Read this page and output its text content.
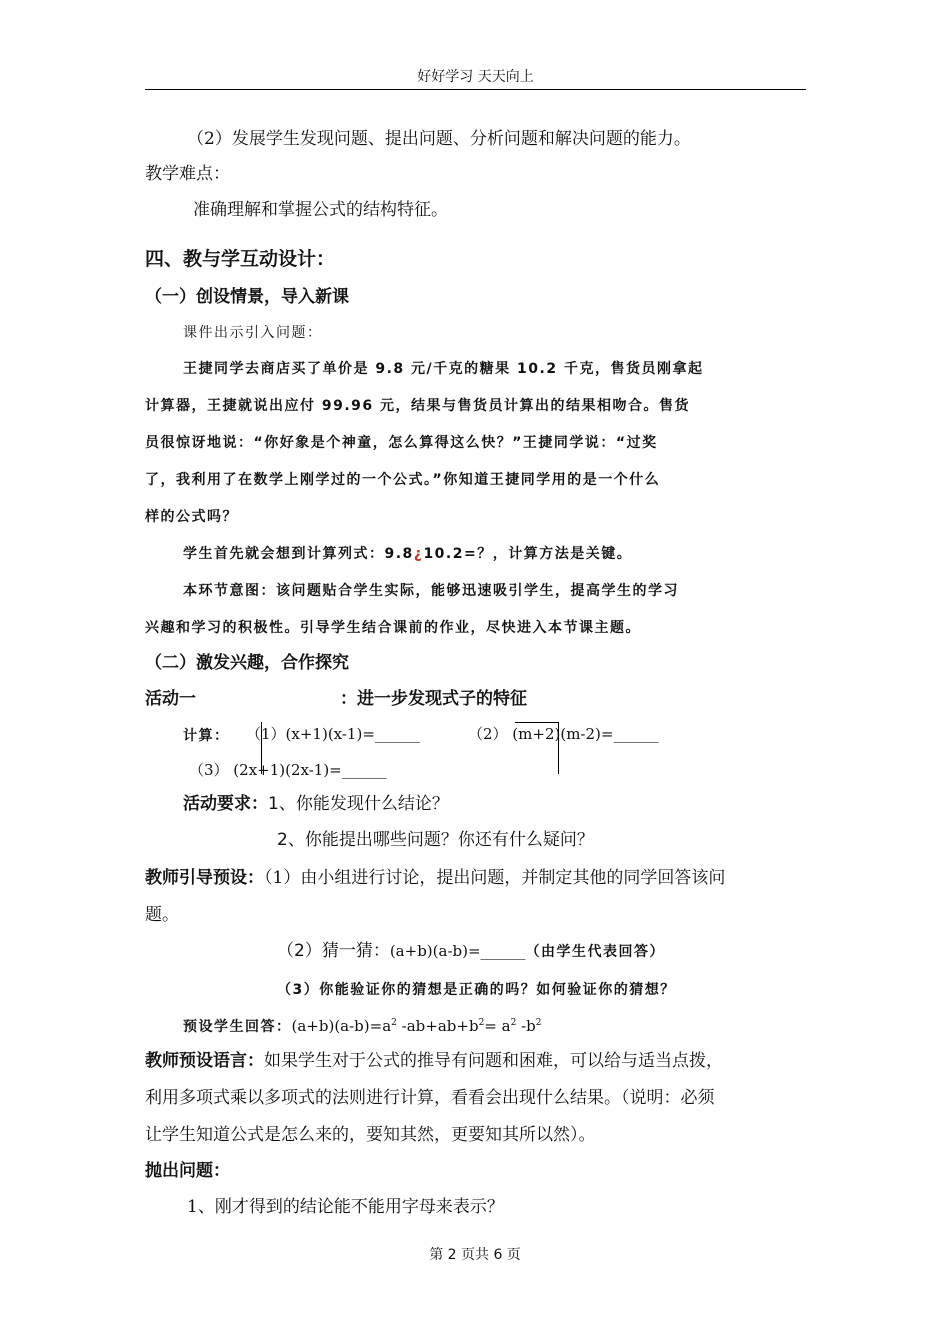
好好学习 天天向上
（2）发展学生发现问题、提出问题、分析问题和解决问题的能力。
教学难点：
准确理解和掌握公式的结构特征。
四、教与学互动设计：
（一）创设情景，导入新课
课件出示引入问题：
王捷同学去商店买了单价是 9.8 元/千克的糖果 10.2 千克，售货员刚拿起
计算器，王捷就说出应付 99.96 元，结果与售货员计算出的结果相吻合。售货
员很惊讶地说：“你好象是个神童，怎么算得这么快？”王捷同学说：“过奖
了，我利用了在数学上刚学过的一个公式。”你知道王捷同学用的是一个什么
样的公式吗？
学生首先就会想到计算列式：9.8¿10.2=？，计算方法是关键。
本环节意图：该问题贴合学生实际，能够迅速吸引学生，提高学生的学习
兴趣和学习的积极性。引导学生结合课前的作业，尽快进入本节课主题。
（二）激发兴趣，合作探究
活动一	：进一步发现式子的特征
计算： （1）(x+1)(x-1)=______	（2） (m+2)(m-2)=______
（3） (2x+1)(2x-1)=______
活动要求：1、你能发现什么结论？
2、你能提出哪些问题？你还有什么疑问？
教师引导预设：（1）由小组进行讨论，提出问题，并制定其他的同学回答该问
题。
（2）猜一猜：(a+b)(a-b)=______（由学生代表回答）
（3）你能验证你的猜想是正确的吗？如何验证你的猜想？
预设学生回答：$(a+b)(a-b)=a^2$ $-ab+ab+b^2= a^2$ $-b^2$
教师预设语言：如果学生对于公式的推导有问题和困难，可以给与适当点拨，
利用多项式乘以多项式的法则进行计算，看看会出现什么结果。（说明：必须
让学生知道公式是怎么来的，要知其然，更要知其所以然）。
抛出问题：
1、刚才得到的结论能不能用字母来表示？
第 2 页共 6 页
